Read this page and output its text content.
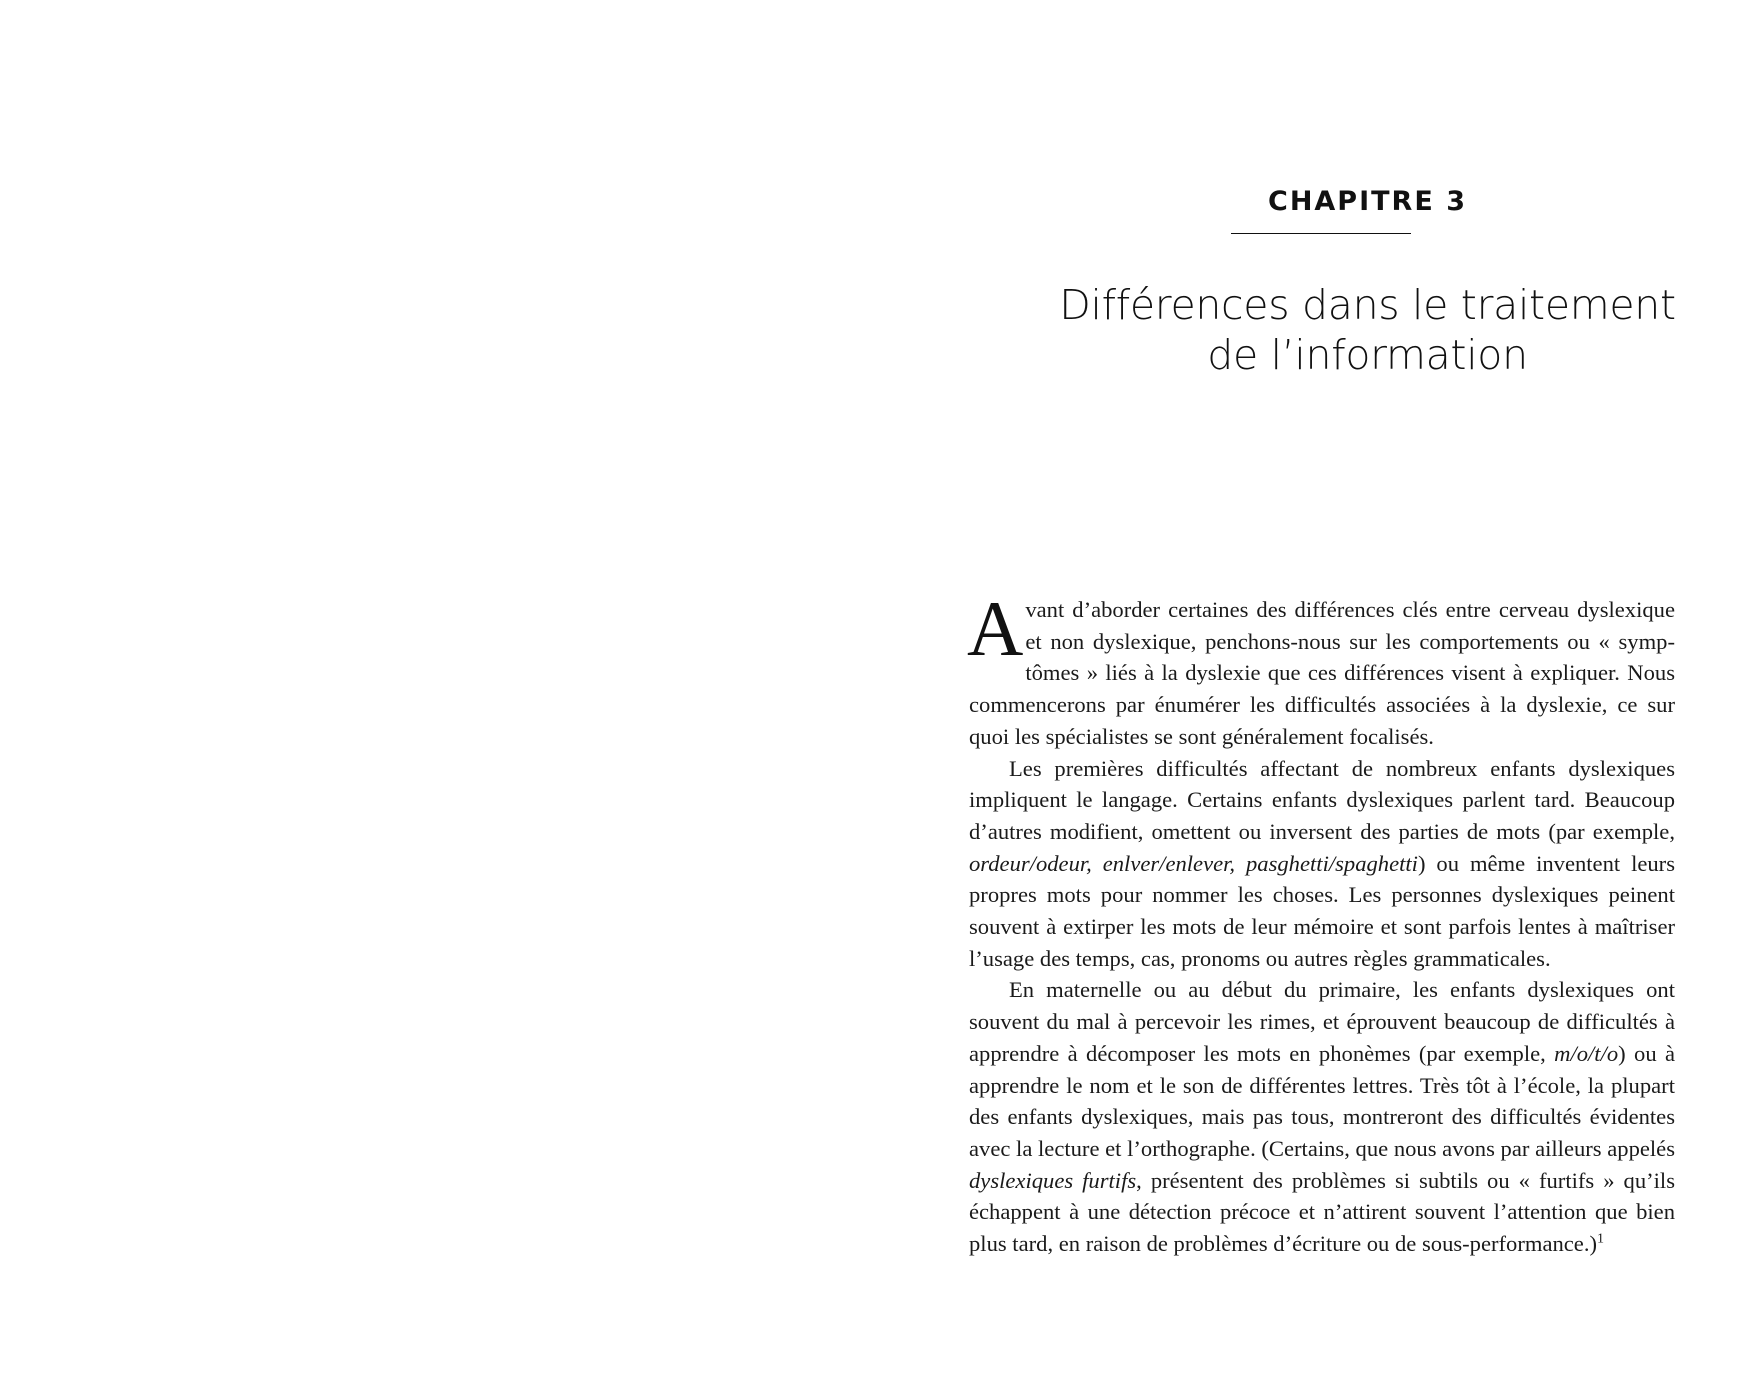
CHAPITRE 3
Différences dans le traitement
de l’information

Avant d’aborder certaines des différences clés entre cerveau dyslexique et non dyslexique, penchons-nous sur les comportements ou « symptômes » liés à la dyslexie que ces différences visent à expliquer. Nous commencerons par énumérer les difficultés associées à la dyslexie, ce sur quoi les spécialistes se sont généralement focalisés.

Les premières difficultés affectant de nombreux enfants dyslexiques impliquent le langage. Certains enfants dyslexiques parlent tard. Beaucoup d’autres modifient, omettent ou inversent des parties de mots (par exemple, ordeur/odeur, enlver/enlever, pasghetti/spaghetti) ou même inventent leurs propres mots pour nommer les choses. Les personnes dyslexiques peinent souvent à extirper les mots de leur mémoire et sont parfois lentes à maîtriser l’usage des temps, cas, pronoms ou autres règles grammaticales.

En maternelle ou au début du primaire, les enfants dyslexiques ont souvent du mal à percevoir les rimes, et éprouvent beaucoup de difficultés à apprendre à décomposer les mots en phonèmes (par exemple, m/o/t/o) ou à apprendre le nom et le son de différentes lettres. Très tôt à l’école, la plupart des enfants dyslexiques, mais pas tous, montreront des difficultés évidentes avec la lecture et l’orthographe. (Certains, que nous avons par ailleurs appelés dyslexiques furtifs, présentent des problèmes si subtils ou « furtifs » qu’ils échappent à une détection précoce et n’attirent souvent l’attention que bien plus tard, en raison de problèmes d’écriture ou de sous-performance.)$^1$
